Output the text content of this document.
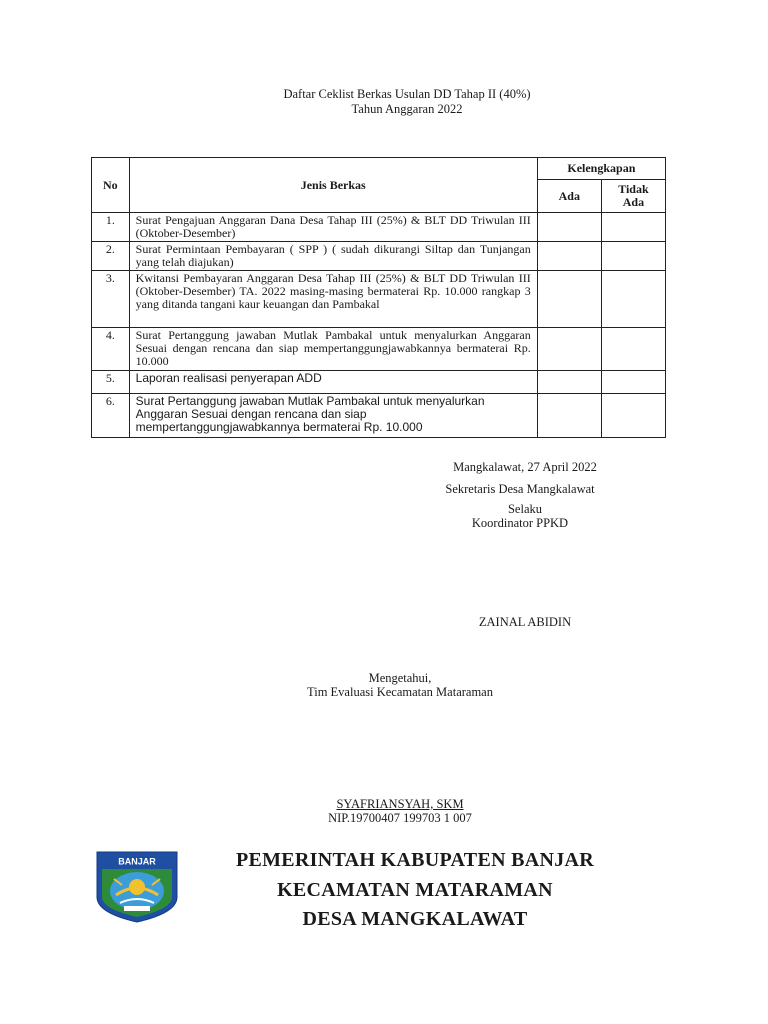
Daftar Ceklist Berkas Usulan DD Tahap II (40%)
Tahun Anggaran 2022
No	Jenis Berkas	Kelengkapan	
		Ada	Tidak Ada
1.	Surat Pengajuan Anggaran Dana Desa Tahap III (25%) & BLT DD Triwulan III (Oktober-Desember)		
2.	Surat Permintaan Pembayaran ( SPP ) ( sudah dikurangi Siltap dan Tunjangan yang telah diajukan)		
3.	Kwitansi Pembayaran Anggaran Desa Tahap III (25%) & BLT DD Triwulan III (Oktober-Desember) TA. 2022 masing-masing bermaterai Rp. 10.000 rangkap 3 yang ditanda tangani kaur keuangan dan Pambakal		
4.	Surat Pertanggung jawaban Mutlak Pambakal untuk menyalurkan Anggaran Sesuai dengan rencana dan siap mempertanggungjawabkannya bermaterai Rp. 10.000		
5.	Laporan realisasi penyerapan ADD		
6.	Surat Pertanggung jawaban Mutlak Pambakal untuk menyalurkan Anggaran Sesuai dengan rencana dan siap mempertanggungjawabkannya bermaterai Rp. 10.000		
Mangkalawat, 27 April 2022
Sekretaris Desa Mangkalawat
Selaku
Koordinator PPKD
ZAINAL ABIDIN
Mengetahui,
Tim Evaluasi Kecamatan Mataraman
SYAFRIANSYAH, SKM
NIP.19700407 199703 1 007
BANJAR	PEMERINTAH KABUPATEN BANJAR
KECAMATAN MATARAMAN
DESA MANGKALAWAT
